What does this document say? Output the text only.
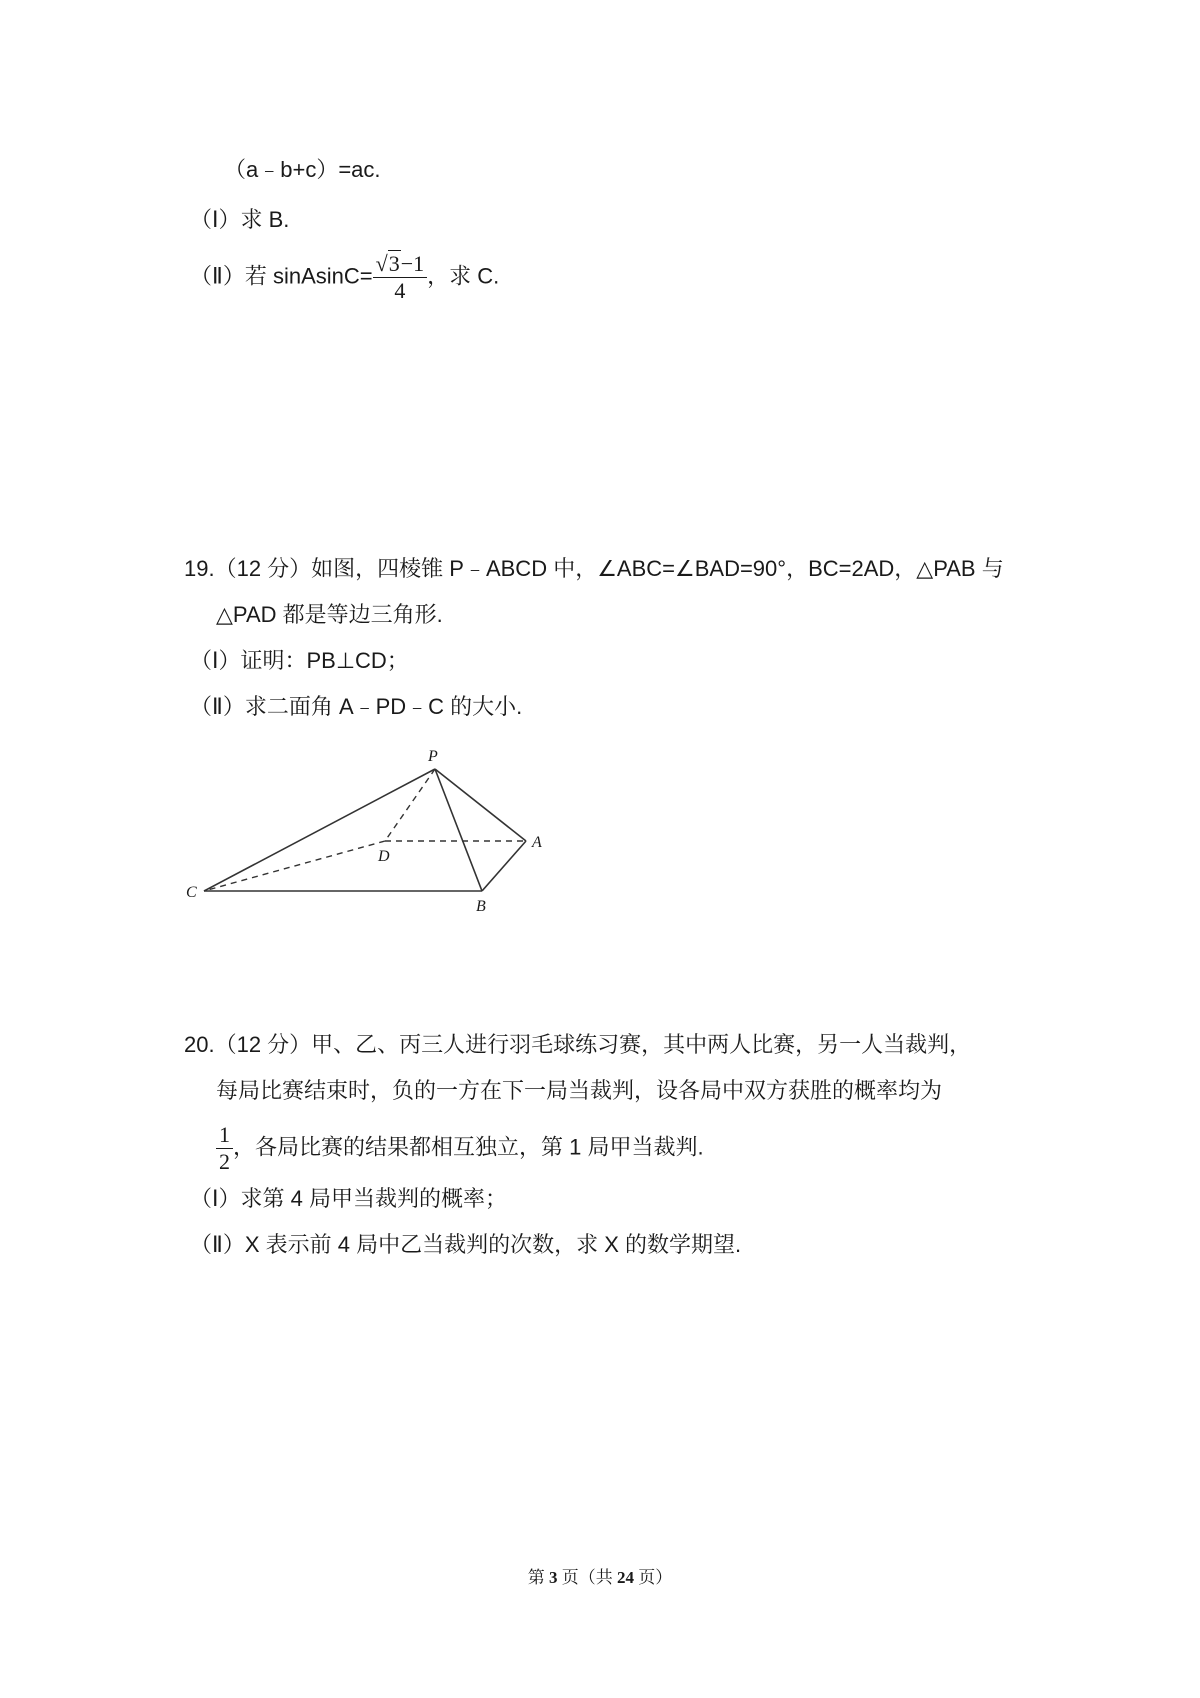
（a﹣b+c）=ac.
（Ⅰ）求 B.
（Ⅱ）若 sinAsinC= $\frac{√3-1}{4}$ ，求 C.
19.（12 分）如图，四棱锥 P﹣ABCD 中，∠ABC=∠BAD=90°，BC=2AD，△PAB 与
△PAD 都是等边三角形.
（Ⅰ）证明：PB⊥CD；
（Ⅱ）求二面角 A﹣PD﹣C 的大小.
P
A
B
C
D
20.（12 分）甲、乙、丙三人进行羽毛球练习赛，其中两人比赛，另一人当裁判，
每局比赛结束时，负的一方在下一局当裁判，设各局中双方获胜的概率均为
$\frac{1}{2}$ ，各局比赛的结果都相互独立，第 1 局甲当裁判.
（Ⅰ）求第 4 局甲当裁判的概率；
（Ⅱ）X 表示前 4 局中乙当裁判的次数，求 X 的数学期望.
第 3 页（共 24 页）
